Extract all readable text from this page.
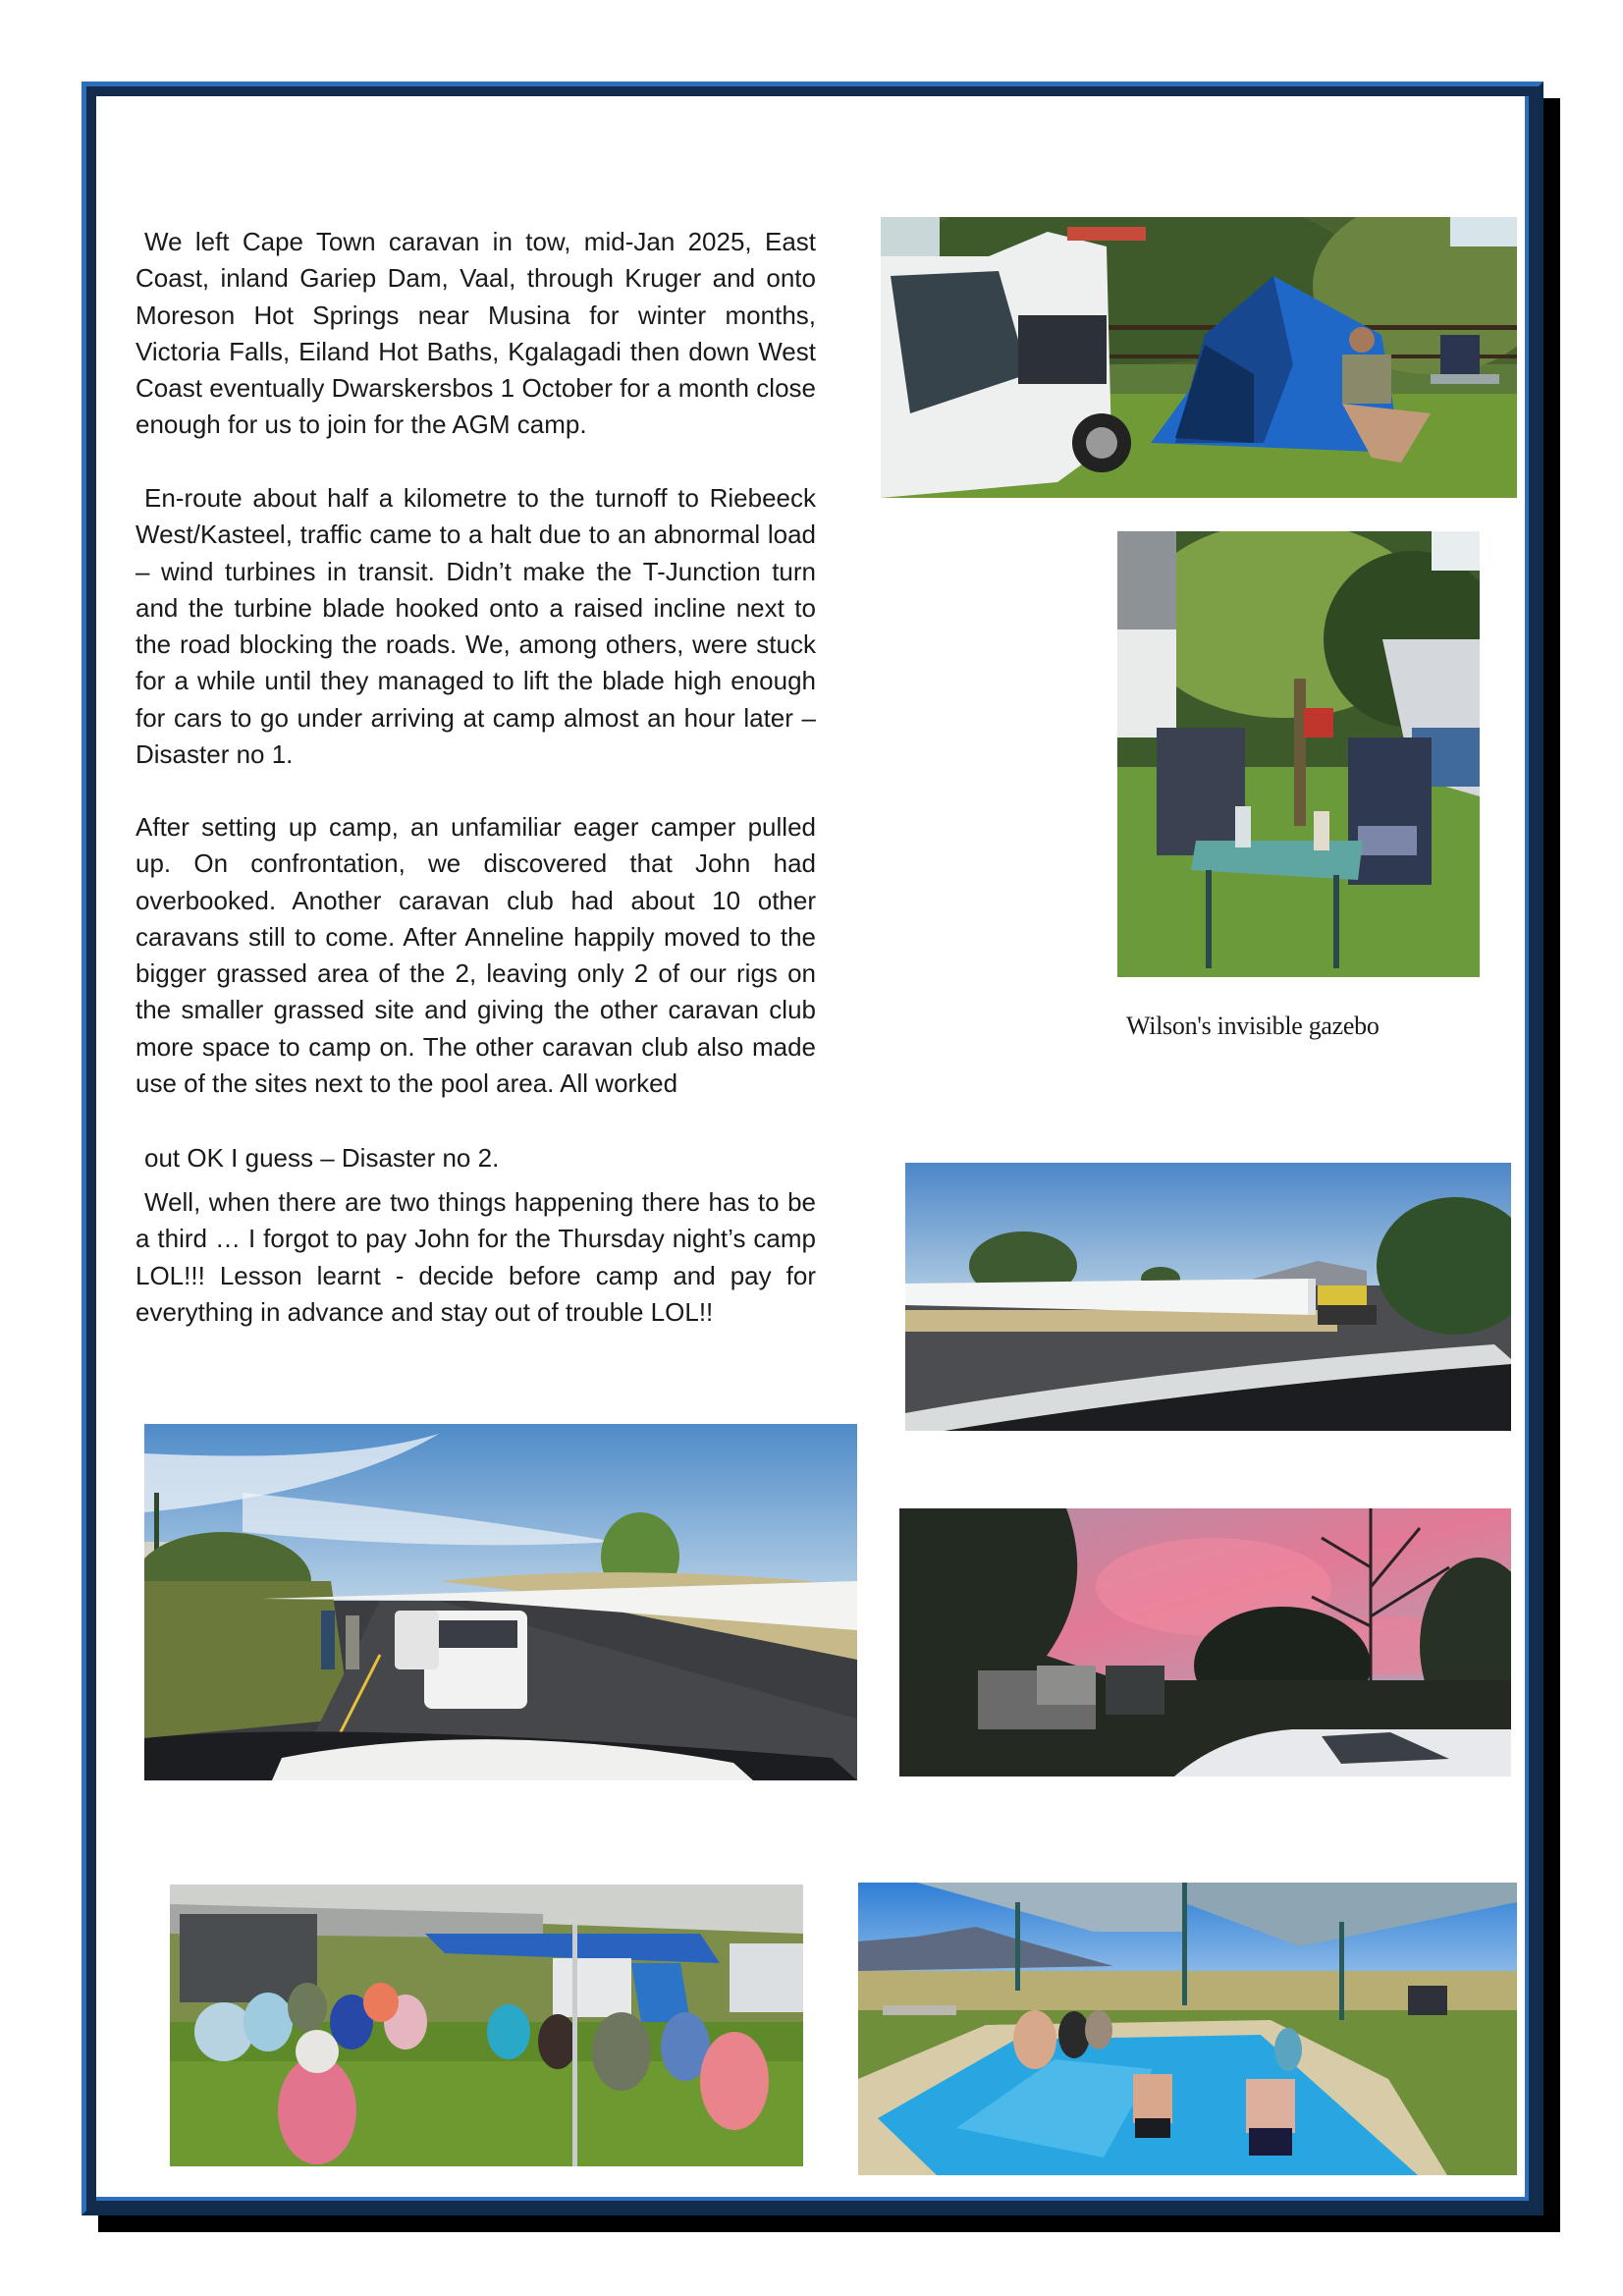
We left Cape Town caravan in tow, mid-Jan 2025, East Coast, inland Gariep Dam, Vaal, through Kruger and onto Moreson Hot Springs near Musina for winter months, Victoria Falls, Eiland Hot Baths, Kgalagadi then down West Coast eventually Dwarskersbos 1 October for a month close enough for us to join for the AGM camp.

En-route about half a kilometre to the turnoff to Riebeeck West/Kasteel, traffic came to a halt due to an abnormal load – wind turbines in transit. Didn’t make the T-Junction turn and the turbine blade hooked onto a raised incline next to the road blocking the roads. We, among others, were stuck for a while until they managed to lift the blade high enough for cars to go under arriving at camp almost an hour later – Disaster no 1.

After setting up camp, an unfamiliar eager camper pulled up. On confrontation, we discovered that John had overbooked. Another caravan club had about 10 other caravans still to come. After Anneline happily moved to the bigger grassed area of the 2, leaving only 2 of our rigs on the smaller grassed site and giving the other caravan club more space to camp on. The other caravan club also made use of the sites next to the pool area. All worked

out OK I guess – Disaster no 2.

Well, when there are two things happening there has to be a third … I forgot to pay John for the Thursday night’s camp LOL!!! Lesson learnt - decide before camp and pay for everything in advance and stay out of trouble LOL!!

Wilson's invisible gazebo
